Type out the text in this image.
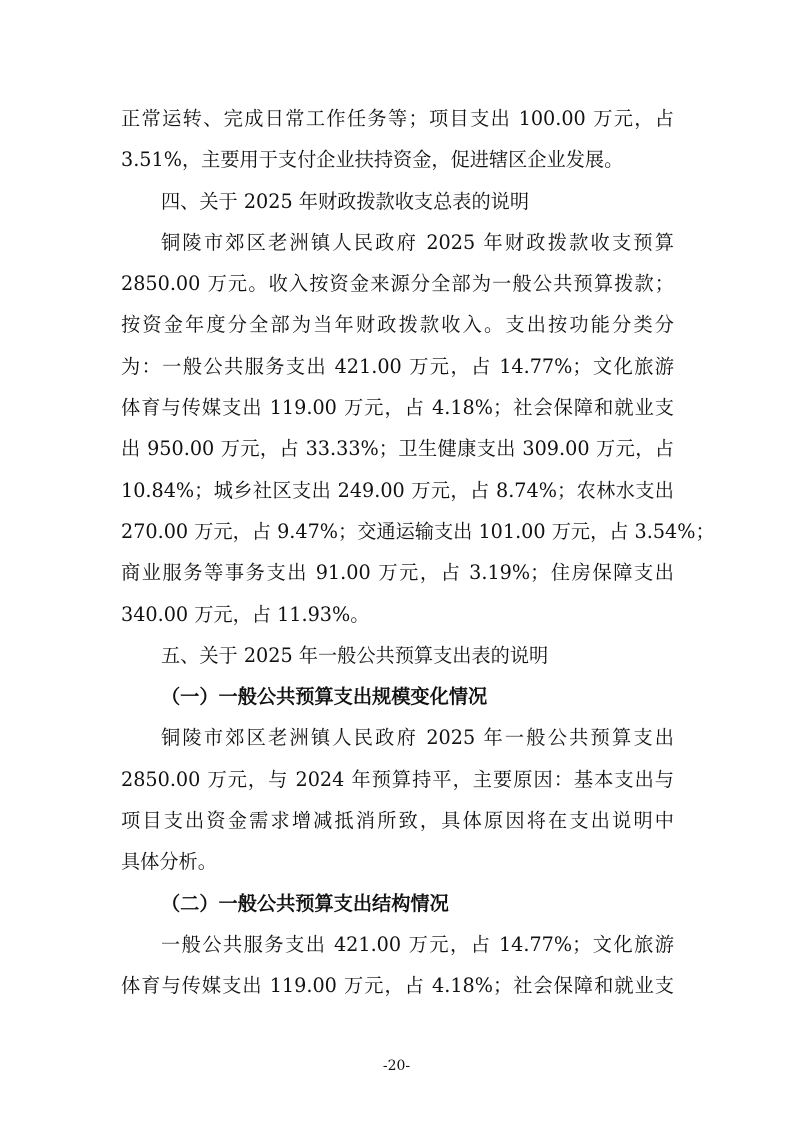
正常运转、完成日常工作任务等；项目支出 100.00 万元，占
3.51%，主要用于支付企业扶持资金，促进辖区企业发展。
四、关于 2025 年财政拨款收支总表的说明
铜陵市郊区老洲镇人民政府 2025 年财政拨款收支预算
2850.00 万元。收入按资金来源分全部为一般公共预算拨款；
按资金年度分全部为当年财政拨款收入。支出按功能分类分
为：一般公共服务支出 421.00 万元，占 14.77%；文化旅游
体育与传媒支出 119.00 万元，占 4.18%；社会保障和就业支
出 950.00 万元，占 33.33%；卫生健康支出 309.00 万元，占
10.84%；城乡社区支出 249.00 万元，占 8.74%；农林水支出
270.00 万元，占 9.47%；交通运输支出 101.00 万元，占 3.54%；
商业服务等事务支出 91.00 万元，占 3.19%；住房保障支出
340.00 万元，占 11.93%。
五、关于 2025 年一般公共预算支出表的说明
（一）一般公共预算支出规模变化情况
铜陵市郊区老洲镇人民政府 2025 年一般公共预算支出
2850.00 万元，与 2024 年预算持平，主要原因：基本支出与
项目支出资金需求增减抵消所致，具体原因将在支出说明中
具体分析。
（二）一般公共预算支出结构情况
一般公共服务支出 421.00 万元，占 14.77%；文化旅游
体育与传媒支出 119.00 万元，占 4.18%；社会保障和就业支
-20-
